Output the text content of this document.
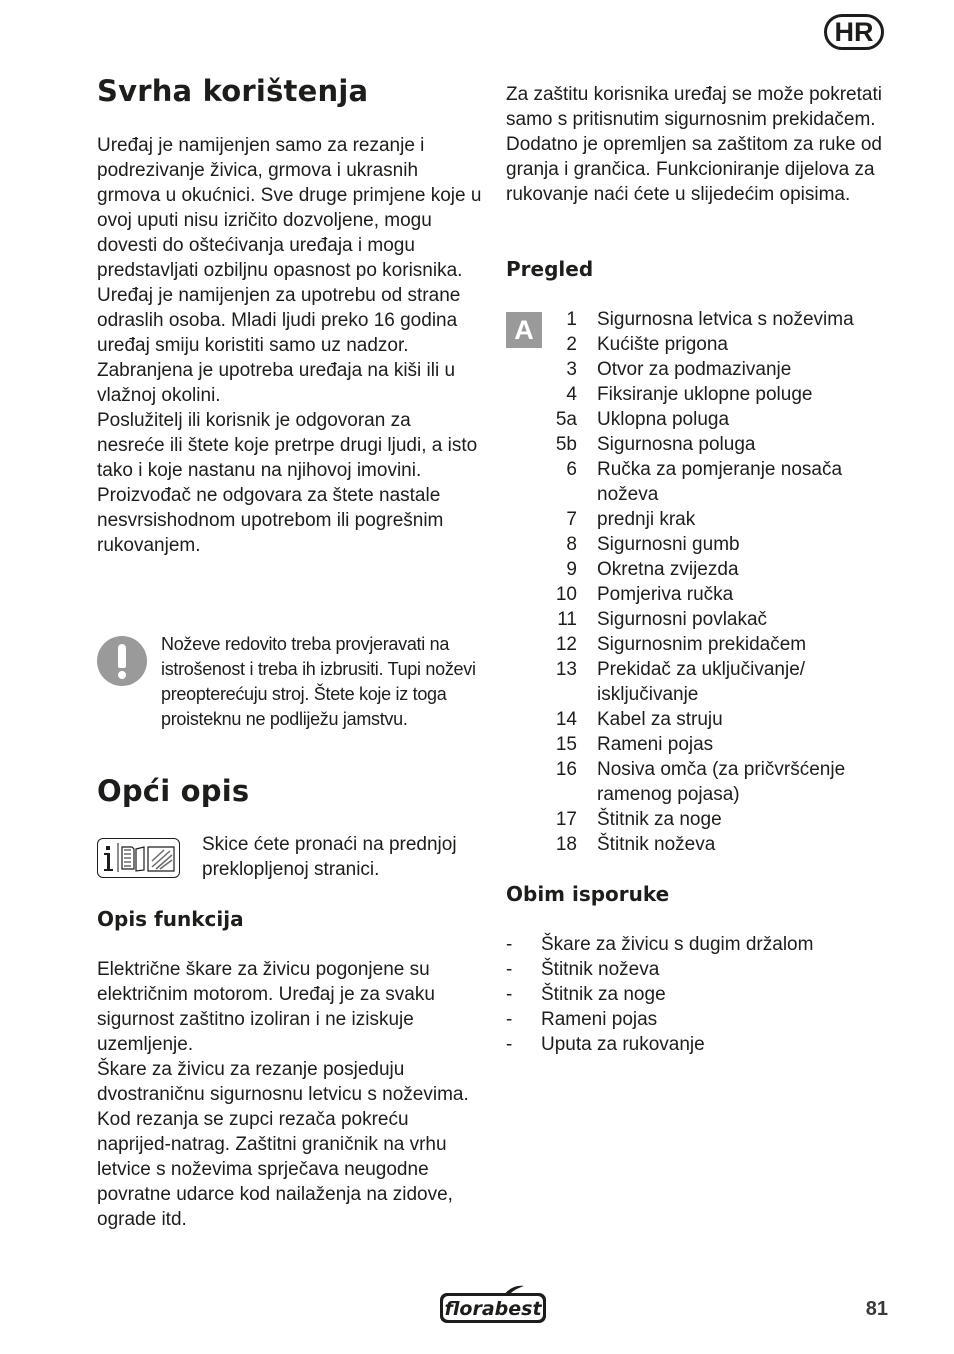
HR
Svrha korištenja

Uređaj je namijenjen samo za rezanje i podrezivanje živica, grmova i ukrasnih grmova u okućnici. Sve druge primjene koje u ovoj uputi nisu izričito dozvoljene, mogu dovesti do oštećivanja uređaja i mogu predstavljati ozbiljnu opasnost po korisnika.

Uređaj je namijenjen za upotrebu od strane odraslih osoba. Mladi ljudi preko 16 godina uređaj smiju koristiti samo uz nadzor. Zabranjena je upotreba uređaja na kiši ili u vlažnoj okolini.

Poslužitelj ili korisnik je odgovoran za nesreće ili štete koje pretrpe drugi ljudi, a isto tako i koje nastanu na njihovoj imovini.

Proizvođač ne odgovara za štete nastale nesvrsishodnom upotrebom ili pogrešnim rukovanjem.

Noževe redovito treba provjeravati na istrošenost i treba ih izbrusiti. Tupi noževi preopterećuju stroj. Štete koje iz toga proisteknu ne podliježu jamstvu.
Opći opis
Skice ćete pronaći na prednjoj preklopljenoj stranici.
Opis funkcija

Električne škare za živicu pogonjene su električnim motorom. Uređaj je za svaku sigurnost zaštitno izoliran i ne iziskuje uzemljenje.

Škare za živicu za rezanje posjeduju dvostraničnu sigurnosnu letvicu s noževima. Kod rezanja se zupci rezača pokreću naprijed-natrag. Zaštitni graničnik na vrhu letvice s noževima sprječava neugodne povratne udarce kod nailaženja na zidove, ograde itd.

Za zaštitu korisnika uređaj se može pokretati samo s pritisnutim sigurnosnim prekidačem. Dodatno je opremljen sa zaštitom za ruke od granja i grančica. Funkcioniranje dijelova za rukovanje naći ćete u slijedećim opisima.
Pregled
A	1	Sigurnosna letvica s noževima
2	Kućište prigona
3	Otvor za podmazivanje
4	Fiksiranje uklopne poluge
5a	Uklopna poluga
5b	Sigurnosna poluga
6	Ručka za pomjeranje nosača noževa
7	prednji krak
8	Sigurnosni gumb
9	Okretna zvijezda
10	Pomjeriva ručka
11	Sigurnosni povlakač
12	Sigurnosnim prekidačem
13	Prekidač za uključivanje/ isključivanje
14	Kabel za struju
15	Rameni pojas
16	Nosiva omča (za pričvršćenje ramenog pojasa)
17	Štitnik za noge
18	Štitnik noževa
Obim isporuke
-	Škare za živicu s dugim držalom
-	Štitnik noževa
-	Štitnik za noge
-	Rameni pojas
-	Uputa za rukovanje
florabest	81
